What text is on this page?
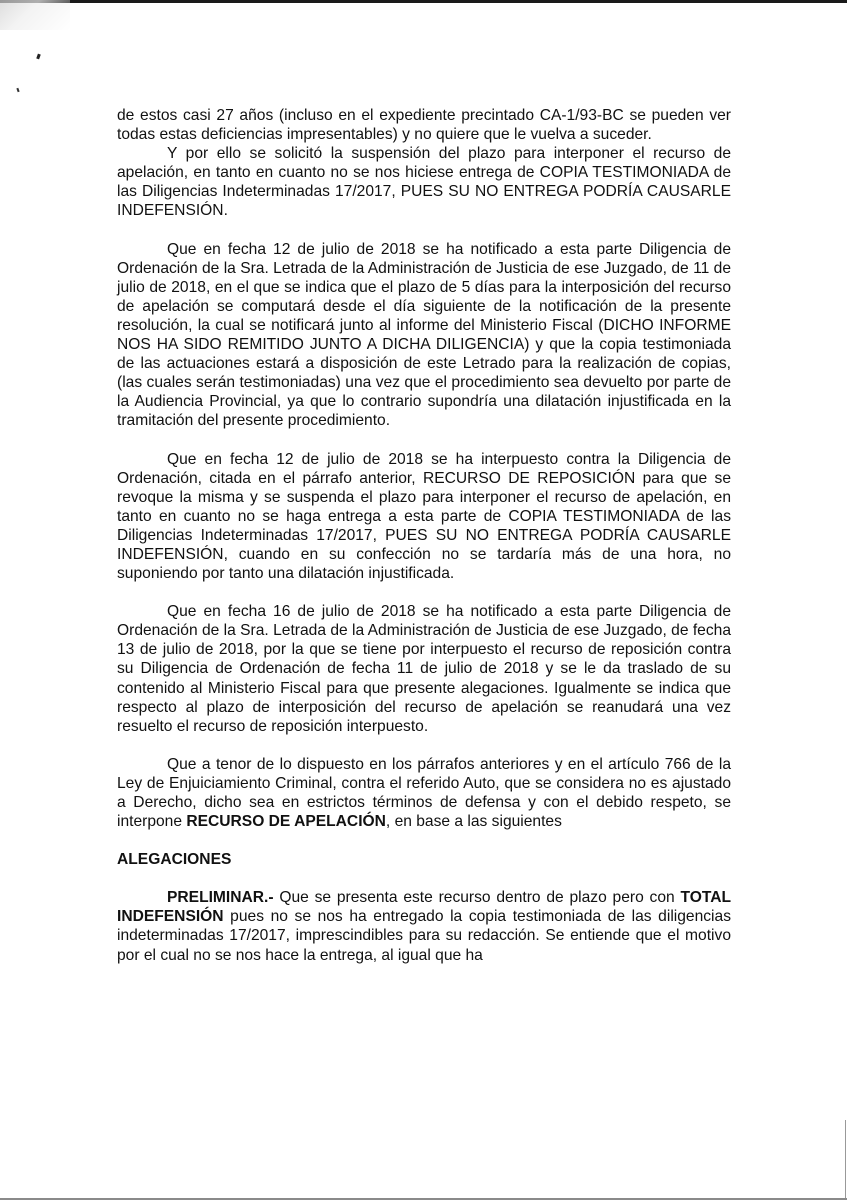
de estos casi 27 años (incluso en el expediente precintado CA-1/93-BC se pueden ver todas estas deficiencias impresentables) y no quiere que le vuelva a suceder.

Y por ello se solicitó la suspensión del plazo para interponer el recurso de apelación, en tanto en cuanto no se nos hiciese entrega de COPIA TESTIMONIADA de las Diligencias Indeterminadas 17/2017, PUES SU NO ENTREGA PODRÍA CAUSARLE INDEFENSIÓN.

Que en fecha 12 de julio de 2018 se ha notificado a esta parte Diligencia de Ordenación de la Sra. Letrada de la Administración de Justicia de ese Juzgado, de 11 de julio de 2018, en el que se indica que el plazo de 5 días para la interposición del recurso de apelación se computará desde el día siguiente de la notificación de la presente resolución, la cual se notificará junto al informe del Ministerio Fiscal (DICHO INFORME NOS HA SIDO REMITIDO JUNTO A DICHA DILIGENCIA) y que la copia testimoniada de las actuaciones estará a disposición de este Letrado para la realización de copias,(las cuales serán testimoniadas) una vez que el procedimiento sea devuelto por parte de la Audiencia Provincial, ya que lo contrario supondría una dilatación injustificada en la tramitación del presente procedimiento.

Que en fecha 12 de julio de 2018 se ha interpuesto contra la Diligencia de Ordenación, citada en el párrafo anterior, RECURSO DE REPOSICIÓN para que se revoque la misma y se suspenda el plazo para interponer el recurso de apelación, en tanto en cuanto no se haga entrega a esta parte de COPIA TESTIMONIADA de las Diligencias Indeterminadas 17/2017, PUES SU NO ENTREGA PODRÍA CAUSARLE INDEFENSIÓN, cuando en su confección no se tardaría más de una hora, no suponiendo por tanto una dilatación injustificada.

Que en fecha 16 de julio de 2018 se ha notificado a esta parte Diligencia de Ordenación de la Sra. Letrada de la Administración de Justicia de ese Juzgado, de fecha 13 de julio de 2018, por la que se tiene por interpuesto el recurso de reposición contra su Diligencia de Ordenación de fecha 11 de julio de 2018 y se le da traslado de su contenido al Ministerio Fiscal para que presente alegaciones. Igualmente se indica que respecto al plazo de interposición del recurso de apelación se reanudará una vez resuelto el recurso de reposición interpuesto.

Que a tenor de lo dispuesto en los párrafos anteriores y en el artículo 766 de la Ley de Enjuiciamiento Criminal, contra el referido Auto, que se considera no es ajustado a Derecho, dicho sea en estrictos términos de defensa y con el debido respeto, se interpone RECURSO DE APELACIÓN, en base a las siguientes

ALEGACIONES

PRELIMINAR.- Que se presenta este recurso dentro de plazo pero con TOTAL INDEFENSIÓN pues no se nos ha entregado la copia testimoniada de las diligencias indeterminadas 17/2017, imprescindibles para su redacción. Se entiende que el motivo por el cual no se nos hace la entrega, al igual que ha
